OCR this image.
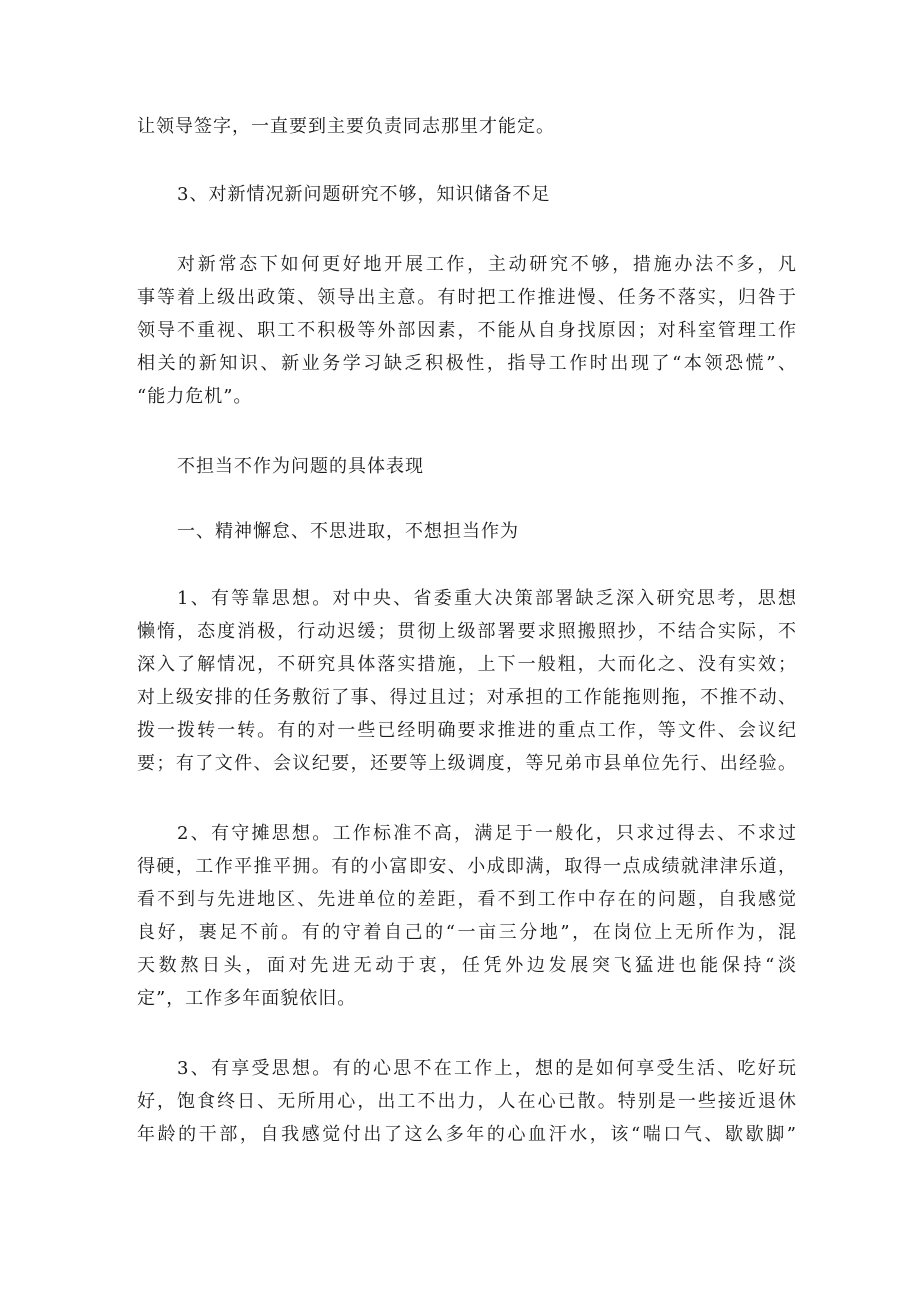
让领导签字，一直要到主要负责同志那里才能定。
3、对新情况新问题研究不够，知识储备不足
对新常态下如何更好地开展工作，主动研究不够，措施办法不多，凡
事等着上级出政策、领导出主意。有时把工作推进慢、任务不落实，归咎于
领导不重视、职工不积极等外部因素，不能从自身找原因；对科室管理工作
相关的新知识、新业务学习缺乏积极性，指导工作时出现了“本领恐慌”、
“能力危机”。
不担当不作为问题的具体表现
一、精神懈怠、不思进取，不想担当作为
1、有等靠思想。对中央、省委重大决策部署缺乏深入研究思考，思想
懒惰，态度消极，行动迟缓；贯彻上级部署要求照搬照抄，不结合实际，不
深入了解情况，不研究具体落实措施，上下一般粗，大而化之、没有实效；
对上级安排的任务敷衍了事、得过且过；对承担的工作能拖则拖，不推不动、
拨一拨转一转。有的对一些已经明确要求推进的重点工作，等文件、会议纪
要；有了文件、会议纪要，还要等上级调度，等兄弟市县单位先行、出经验。
2、有守摊思想。工作标准不高，满足于一般化，只求过得去、不求过
得硬，工作平推平拥。有的小富即安、小成即满，取得一点成绩就津津乐道，
看不到与先进地区、先进单位的差距，看不到工作中存在的问题，自我感觉
良好，裹足不前。有的守着自己的“一亩三分地”，在岗位上无所作为，混
天数熬日头，面对先进无动于衷，任凭外边发展突飞猛进也能保持“淡
定”，工作多年面貌依旧。
3、有享受思想。有的心思不在工作上，想的是如何享受生活、吃好玩
好，饱食终日、无所用心，出工不出力，人在心已散。特别是一些接近退休
年龄的干部，自我感觉付出了这么多年的心血汗水，该“喘口气、歇歇脚”
